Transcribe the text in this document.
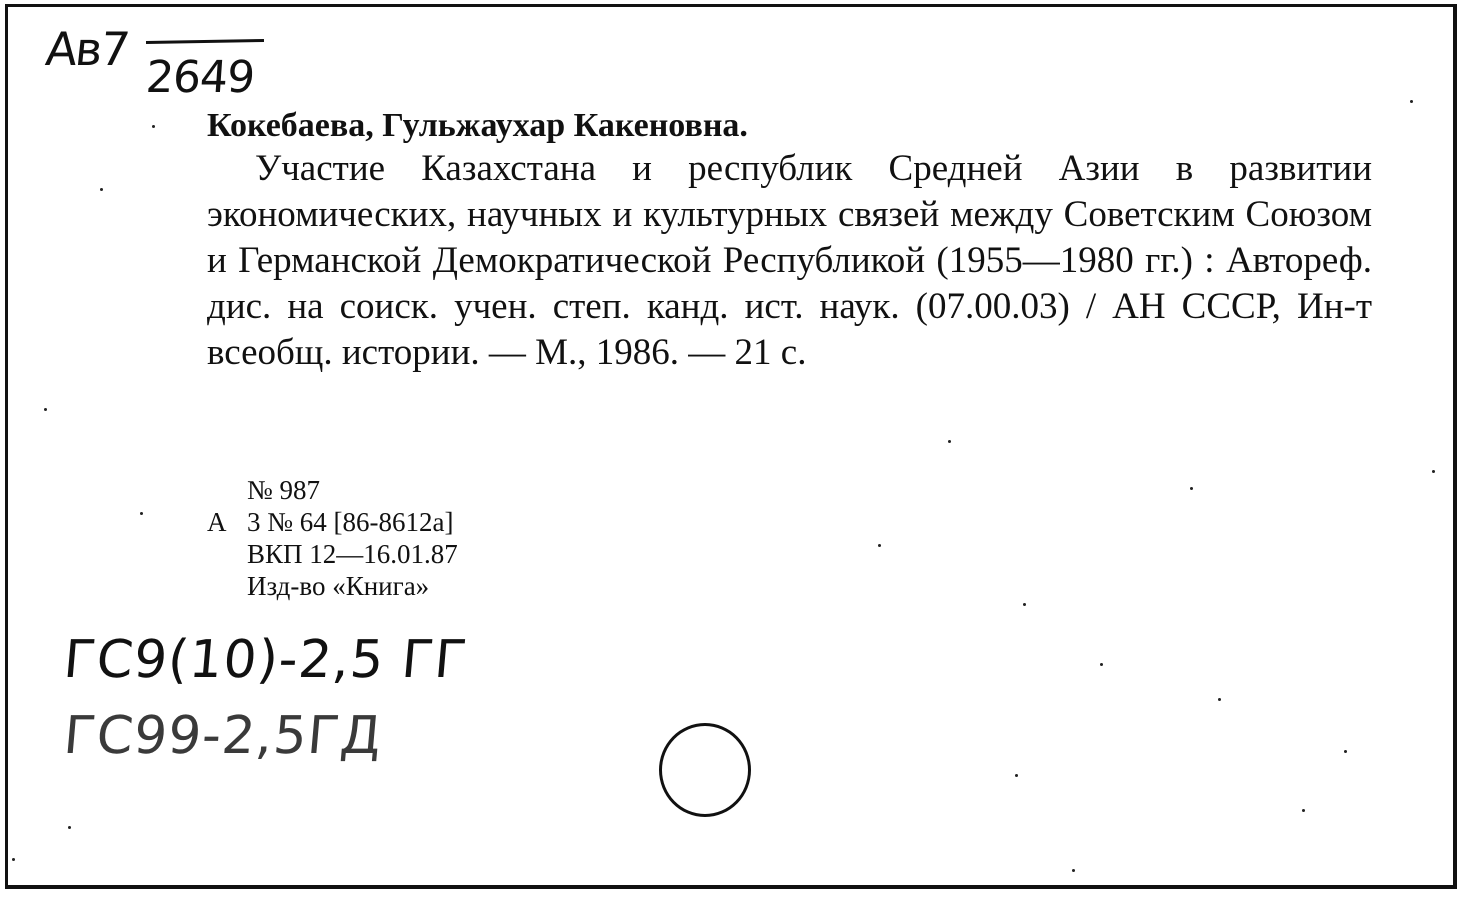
Ав7
2649
Кокебаева, Гульжаухар Какеновна.
Участие Казахстана и республик Средней Азии в развитии экономических, научных и культурных связей между Советским Союзом и Германской Демократической Республикой (1955—1980 гг.) : Автореф. дис. на соиск. учен. степ. канд. ист. наук. (07.00.03) / АН СССР, Ин-т всеобщ. истории. — М., 1986. — 21 с.
№ 987
А 3 № 64 [86-8612а]
ВКП 12—16.01.87
Изд-во «Книга»
ГС9(10)-2,5 ГГ
ГС99-2,5ГД
